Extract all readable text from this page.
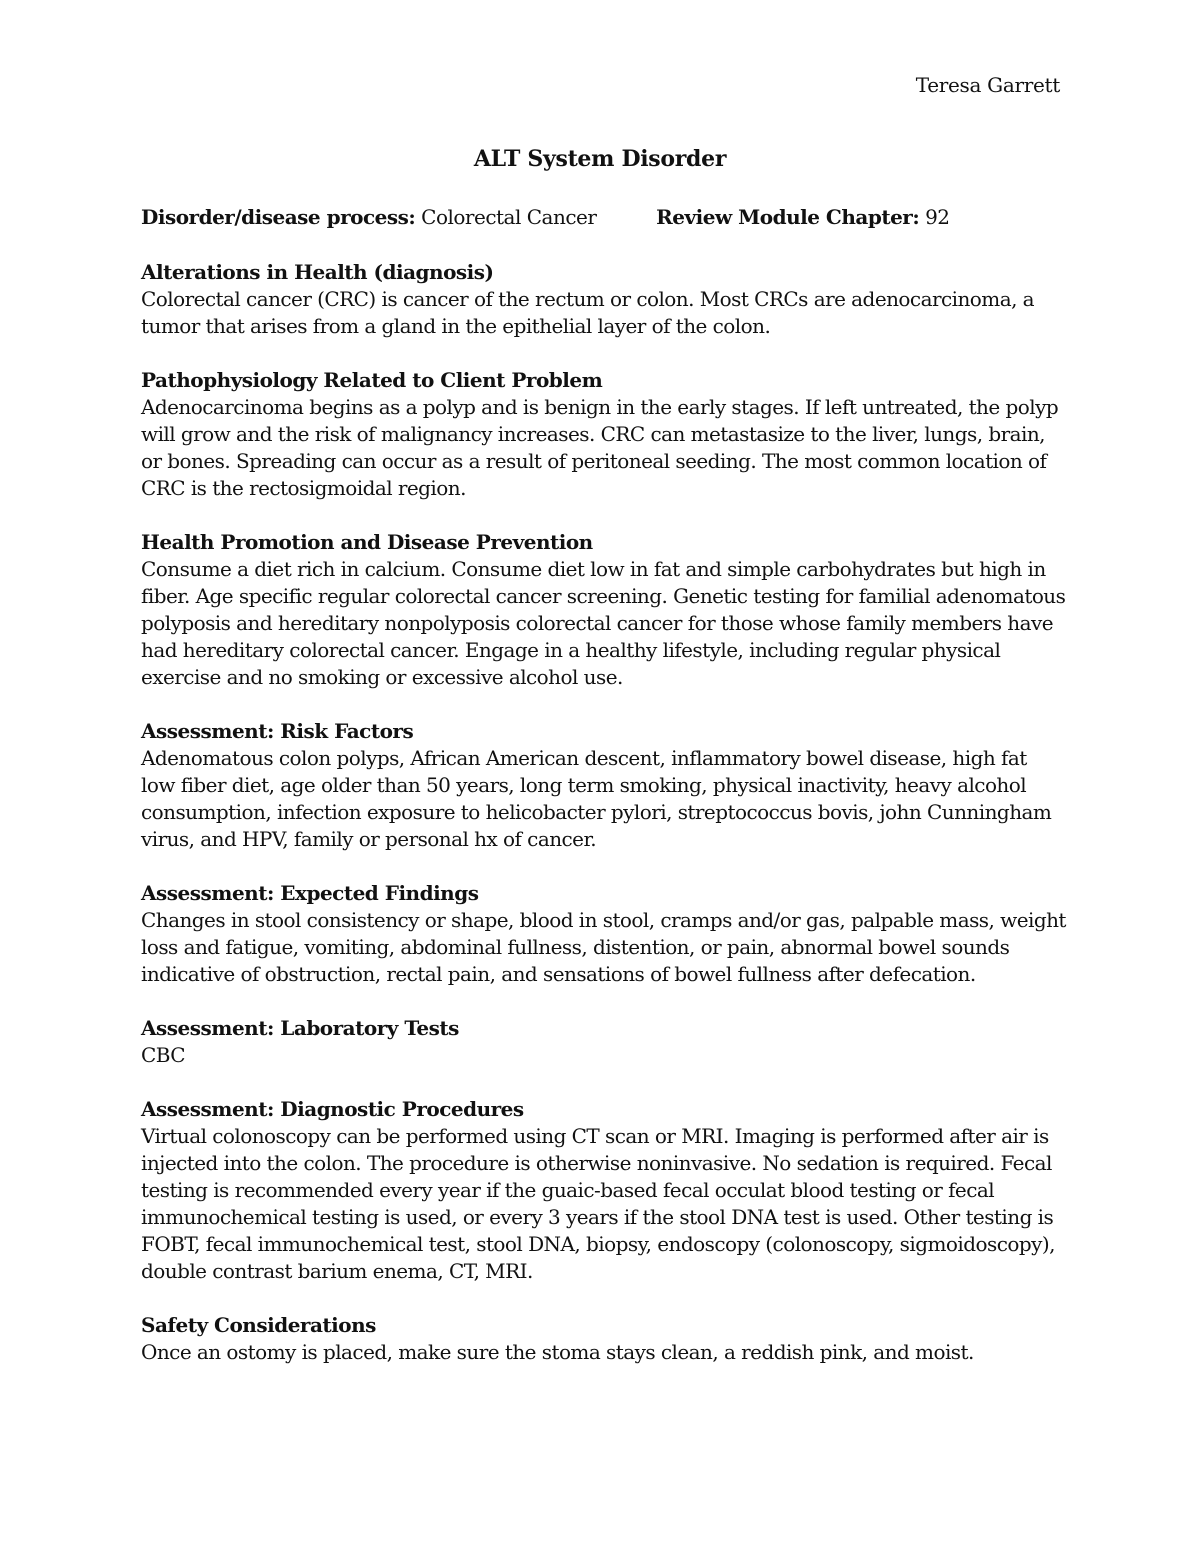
Teresa Garrett
ALT System Disorder
Disorder/disease process: Colorectal Cancer	Review Module Chapter: 92
Alterations in Health (diagnosis)

Colorectal cancer (CRC) is cancer of the rectum or colon. Most CRCs are adenocarcinoma, a tumor that arises from a gland in the epithelial layer of the colon.

Pathophysiology Related to Client Problem

Adenocarcinoma begins as a polyp and is benign in the early stages. If left untreated, the polyp will grow and the risk of malignancy increases. CRC can metastasize to the liver, lungs, brain, or bones. Spreading can occur as a result of peritoneal seeding. The most common location of CRC is the rectosigmoidal region.

Health Promotion and Disease Prevention

Consume a diet rich in calcium. Consume diet low in fat and simple carbohydrates but high in fiber. Age specific regular colorectal cancer screening. Genetic testing for familial adenomatous polyposis and hereditary nonpolyposis colorectal cancer for those whose family members have had hereditary colorectal cancer. Engage in a healthy lifestyle, including regular physical exercise and no smoking or excessive alcohol use.

Assessment: Risk Factors

Adenomatous colon polyps, African American descent, inflammatory bowel disease, high fat low fiber diet, age older than 50 years, long term smoking, physical inactivity, heavy alcohol consumption, infection exposure to helicobacter pylori, streptococcus bovis, john Cunningham virus, and HPV, family or personal hx of cancer.

Assessment: Expected Findings

Changes in stool consistency or shape, blood in stool, cramps and/or gas, palpable mass, weight loss and fatigue, vomiting, abdominal fullness, distention, or pain, abnormal bowel sounds indicative of obstruction, rectal pain, and sensations of bowel fullness after defecation.

Assessment: Laboratory Tests

CBC

Assessment: Diagnostic Procedures

Virtual colonoscopy can be performed using CT scan or MRI. Imaging is performed after air is injected into the colon. The procedure is otherwise noninvasive. No sedation is required. Fecal testing is recommended every year if the guaic-based fecal occulat blood testing or fecal immunochemical testing is used, or every 3 years if the stool DNA test is used. Other testing is FOBT, fecal immunochemical test, stool DNA, biopsy, endoscopy (colonoscopy, sigmoidoscopy), double contrast barium enema, CT, MRI.

Safety Considerations

Once an ostomy is placed, make sure the stoma stays clean, a reddish pink, and moist.
